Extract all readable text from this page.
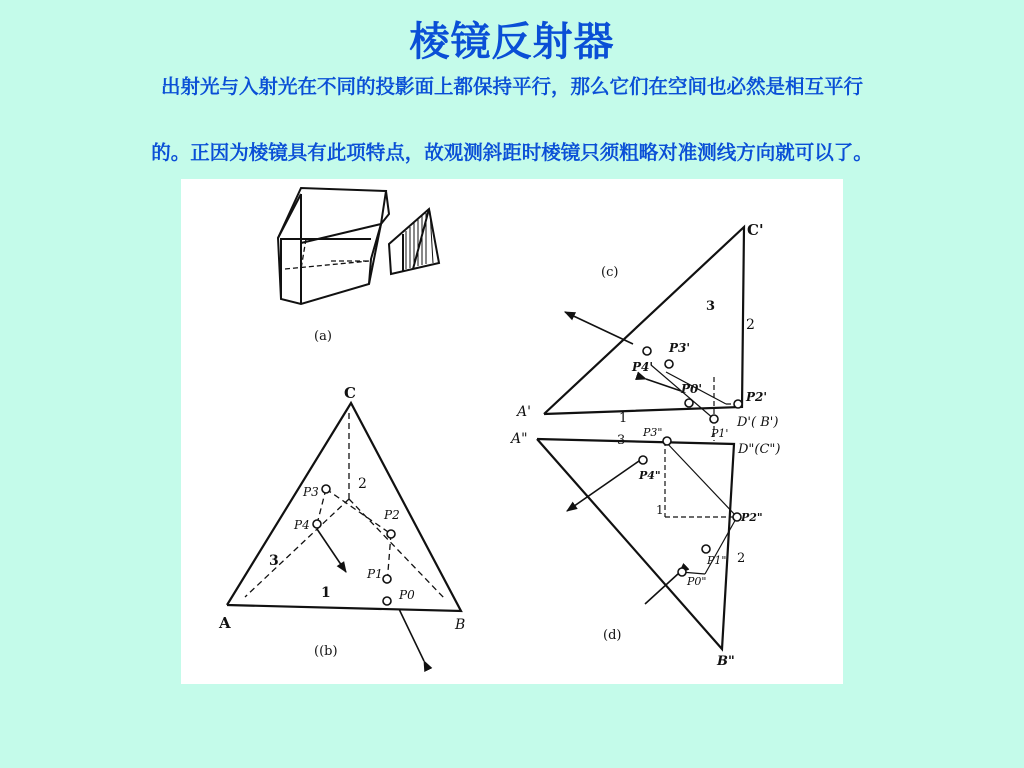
棱镜反射器
出射光与入射光在不同的投影面上都保持平行，那么它们在空间也必然是相互平行
的。正因为棱镜具有此项特点，故观测斜距时棱镜只须粗略对准测线方向就可以了。
(a)
C
A	B
1
2
3
P3
P4
P2
P1
P0
((b)
C'
A'
D'( B')
1
2
3
P3'
P4'
P0'
P1'
P2'
(c)
A"
B"
D"(C")
1
2
3
P3"
P4"
P2"
P1"
P0"
(d)
